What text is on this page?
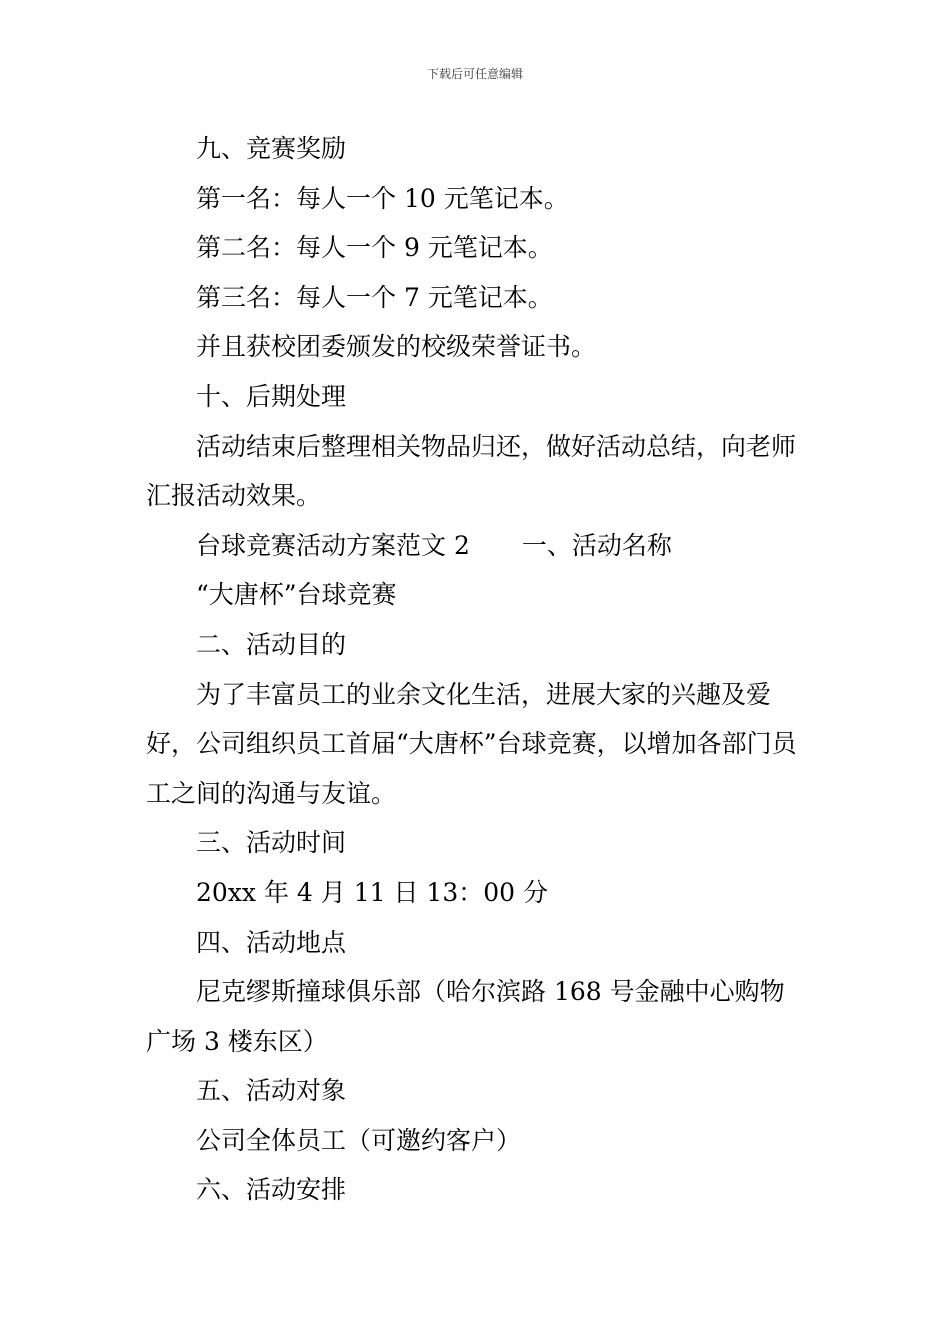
下载后可任意编辑

九、竞赛奖励

第一名：每人一个 10 元笔记本。

第二名：每人一个 9 元笔记本。

第三名：每人一个 7 元笔记本。

并且获校团委颁发的校级荣誉证书。

十、后期处理

活动结束后整理相关物品归还，做好活动总结，向老师汇报活动效果。

台球竞赛活动方案范文 2 一、活动名称

“大唐杯”台球竞赛

二、活动目的

为了丰富员工的业余文化生活，进展大家的兴趣及爱好，公司组织员工首届“大唐杯”台球竞赛，以增加各部门员工之间的沟通与友谊。

三、活动时间

20xx 年 4 月 11 日 13：00 分

四、活动地点

尼克缪斯撞球俱乐部（哈尔滨路 168 号金融中心购物广场 3 楼东区）

五、活动对象

公司全体员工（可邀约客户）

六、活动安排
